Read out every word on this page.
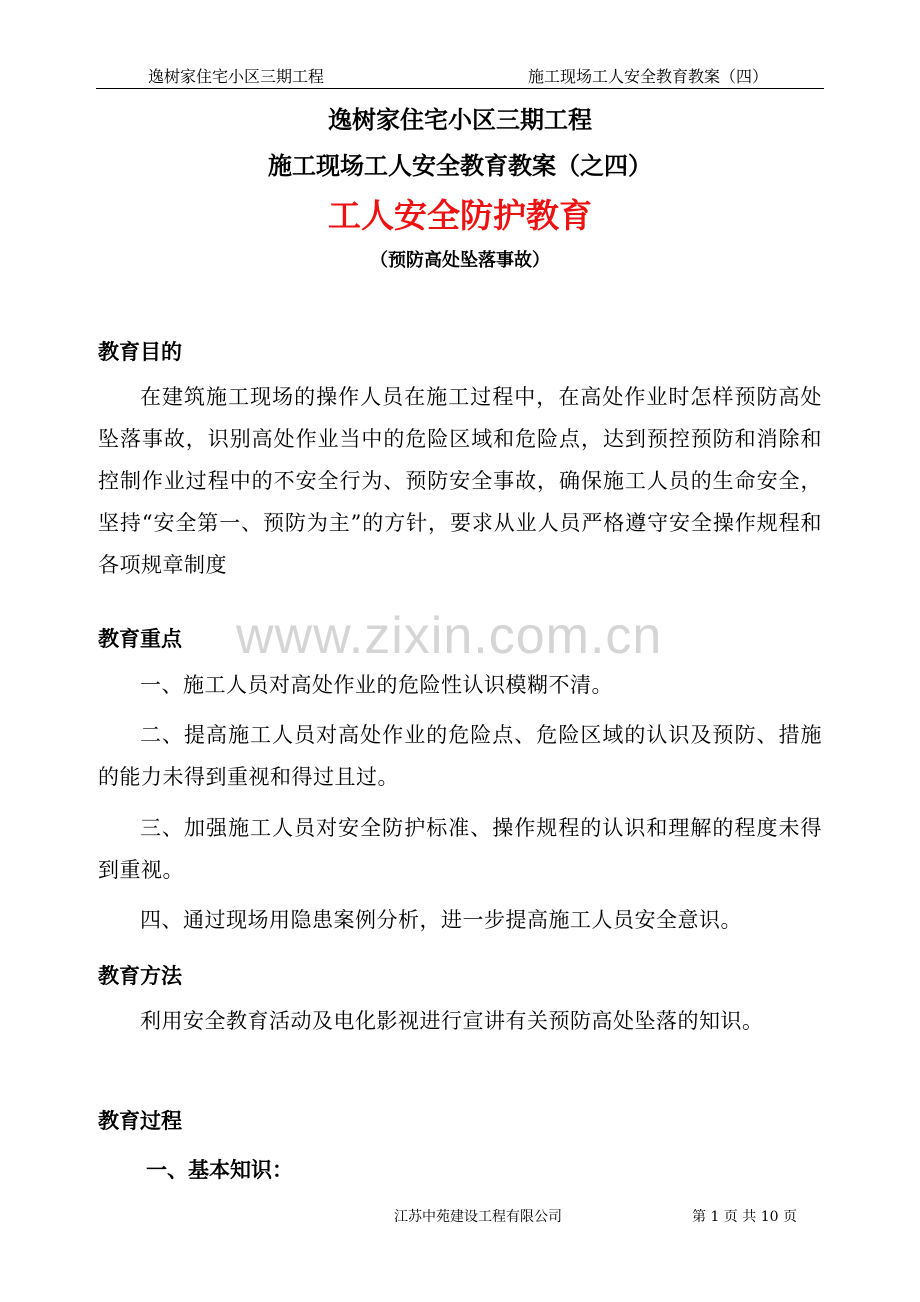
逸树家住宅小区三期工程	施工现场工人安全教育教案（四）
逸树家住宅小区三期工程
施工现场工人安全教育教案（之四）
工人安全防护教育
（预防高处坠落事故）
教育目的

在建筑施工现场的操作人员在施工过程中，在高处作业时怎样预防高处坠落事故，识别高处作业当中的危险区域和危险点，达到预控预防和消除和控制作业过程中的不安全行为、预防安全事故，确保施工人员的生命安全，坚持“安全第一、预防为主”的方针，要求从业人员严格遵守安全操作规程和各项规章制度

教育重点

一、施工人员对高处作业的危险性认识模糊不清。

二、提高施工人员对高处作业的危险点、危险区域的认识及预防、措施的能力未得到重视和得过且过。

三、加强施工人员对安全防护标准、操作规程的认识和理解的程度未得到重视。

四、通过现场用隐患案例分析，进一步提高施工人员安全意识。

教育方法

利用安全教育活动及电化影视进行宣讲有关预防高处坠落的知识。

教育过程
一、基本知识：
www.zixin.com.cn
江苏中苑建设工程有限公司	第 1 页 共 10 页
